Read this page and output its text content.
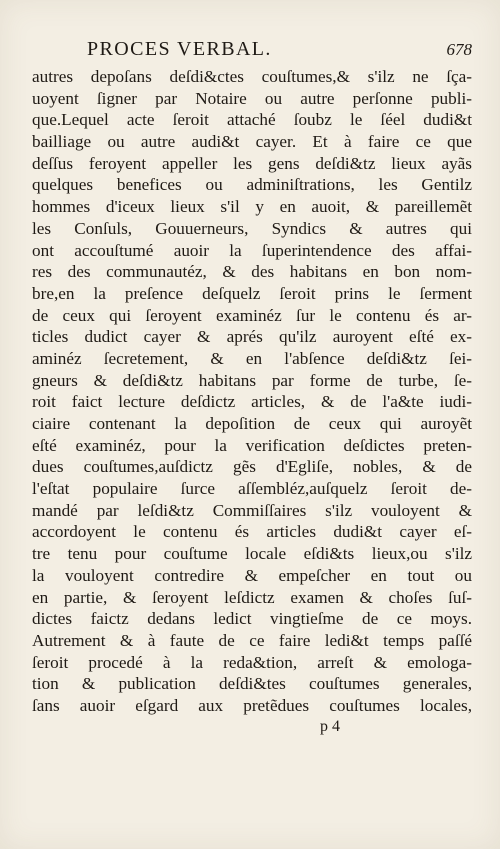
PROCES VERBAL.	678
autres depoſans deſdi&ctes couſtumes,& s'ilz ne ſça-
uoyent ſigner par Notaire ou autre perſonne publi-
que.Lequel acte ſeroit attaché ſoubz le ſéel dudi&t
bailliage ou autre audi&t cayer. Et à faire ce que
deſſus feroyent appeller les gens deſdi&tz lieux ayãs
quelques benefices ou adminiſtrations, les Gentilz
hommes d'iceux lieux s'il y en auoit, & pareillemẽt
les Conſuls, Gouuerneurs, Syndics & autres qui
ont accouſtumé auoir la ſuperintendence des affai-
res des communautéz, & des habitans en bon nom-
bre,en la preſence deſquelz ſeroit prins le ſerment
de ceux qui ſeroyent examinéz ſur le contenu és ar-
ticles dudict cayer & aprés qu'ilz auroyent eſté ex-
aminéz ſecretement, & en l'abſence deſdi&tz ſei-
gneurs & deſdi&tz habitans par forme de turbe, ſe-
roit faict lecture deſdictz articles, & de l'a&te iudi-
ciaire contenant la depoſition de ceux qui auroyẽt
eſté examinéz, pour la verification deſdictes preten-
dues couſtumes,auſdictz gẽs d'Egliſe, nobles, & de
l'eſtat populaire ſurce aſſembléz,auſquelz ſeroit de-
mandé par leſdi&tz Commiſſaires s'ilz vouloyent &
accordoyent le contenu és articles dudi&t cayer eſ-
tre tenu pour couſtume locale eſdi&ts lieux,ou s'ilz
la vouloyent contredire & empeſcher en tout ou
en partie, & ſeroyent leſdictz examen & choſes ſuſ-
dictes faictz dedans ledict vingtieſme de ce moys.
Autrement & à faute de ce faire ledi&t temps paſſé
ſeroit procedé à la reda&tion, arreſt & emologa-
tion & publication deſdi&tes couſtumes generales,
ſans auoir eſgard aux pretẽdues couſtumes locales,
p 4
